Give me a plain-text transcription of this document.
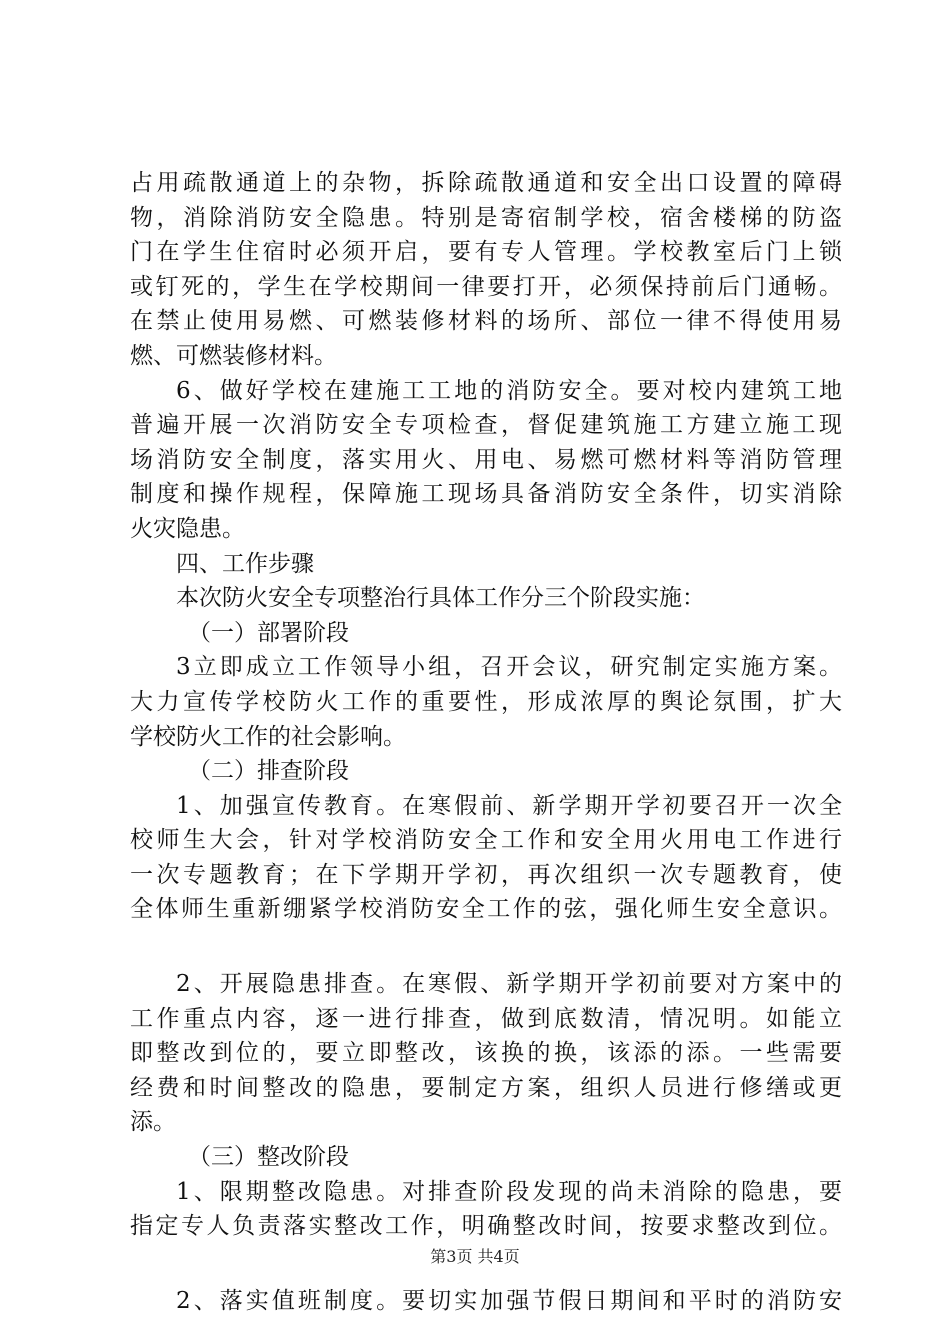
占用疏散通道上的杂物，拆除疏散通道和安全出口设置的障碍
物，消除消防安全隐患。特别是寄宿制学校，宿舍楼梯的防盗
门在学生住宿时必须开启，要有专人管理。学校教室后门上锁
或钉死的，学生在学校期间一律要打开，必须保持前后门通畅。
在禁止使用易燃、可燃装修材料的场所、部位一律不得使用易
燃、可燃装修材料。
6、做好学校在建施工工地的消防安全。要对校内建筑工地
普遍开展一次消防安全专项检查，督促建筑施工方建立施工现
场消防安全制度，落实用火、用电、易燃可燃材料等消防管理
制度和操作规程，保障施工现场具备消防安全条件，切实消除
火灾隐患。
四、工作步骤
本次防火安全专项整治行具体工作分三个阶段实施：
（一）部署阶段
3立即成立工作领导小组，召开会议，研究制定实施方案。
大力宣传学校防火工作的重要性，形成浓厚的舆论氛围，扩大
学校防火工作的社会影响。
（二）排查阶段
1、加强宣传教育。在寒假前、新学期开学初要召开一次全
校师生大会，针对学校消防安全工作和安全用火用电工作进行
一次专题教育；在下学期开学初，再次组织一次专题教育，使
全体师生重新绷紧学校消防安全工作的弦，强化师生安全意识。
2、开展隐患排查。在寒假、新学期开学初前要对方案中的
工作重点内容，逐一进行排查，做到底数清，情况明。如能立
即整改到位的，要立即整改，该换的换，该添的添。一些需要
经费和时间整改的隐患，要制定方案，组织人员进行修缮或更
添。
（三）整改阶段
1、限期整改隐患。对排查阶段发现的尚未消除的隐患，要
指定专人负责落实整改工作，明确整改时间，按要求整改到位。
2、落实值班制度。要切实加强节假日期间和平时的消防安
第3页 共4页
